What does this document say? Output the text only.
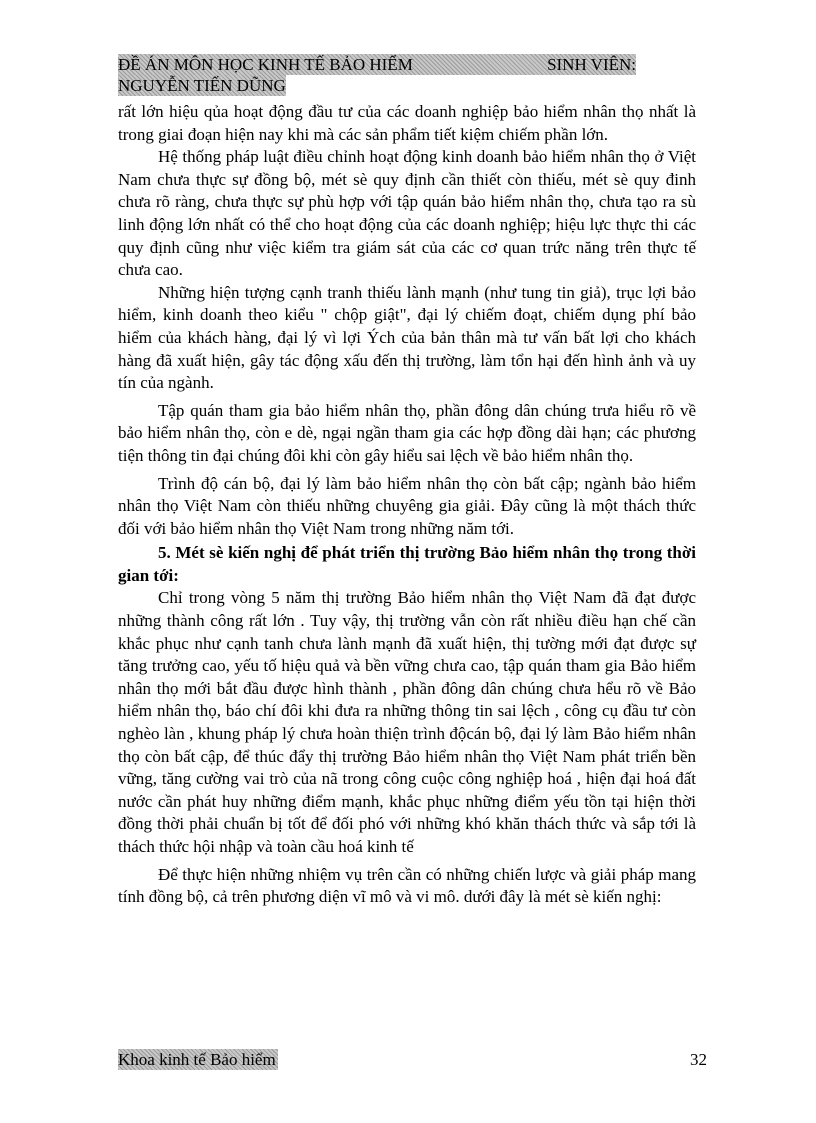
ĐỀ ÁN MÔN HỌC KINH TẾ BẢO HIỂM	SINH VIÊN:
NGUYỄN TIẾN DŨNG

rất lớn hiệu qủa hoạt động đầu tư của các doanh nghiệp bảo hiểm nhân thọ nhất là trong giai đoạn hiện nay khi mà các sản phẩm tiết kiệm chiếm phần lớn.

Hệ thống pháp luật điều chỉnh hoạt động kinh doanh bảo hiểm nhân thọ ở Việt Nam chưa thực sự đồng bộ, mét sè quy định cần thiết còn thiếu, mét sè quy đinh chưa rõ ràng, chưa thực sự phù hợp với tập quán bảo hiểm nhân thọ, chưa tạo ra sù linh động lớn nhất có thể cho hoạt động của các doanh nghiệp; hiệu lực thực thi các quy định cũng như việc kiểm tra giám sát của các cơ quan trức năng trên thực tế chưa cao.

Những hiện tượng cạnh tranh thiếu lành mạnh (như tung tin giả), trục lợi bảo hiểm, kinh doanh theo kiểu " chộp giật", đại lý chiếm đoạt, chiếm dụng phí bảo hiểm của khách hàng, đại lý vì lợi Ých của bản thân mà tư vấn bất lợi cho khách hàng đã xuất hiện, gây tác động xấu đến thị trường, làm tổn hại đến hình ảnh và uy tín của ngành.

Tập quán tham gia bảo hiểm nhân thọ, phần đông dân chúng trưa hiểu rõ về bảo hiểm nhân thọ, còn e dè, ngại ngần tham gia các hợp đồng dài hạn; các phương tiện thông tin đại chúng đôi khi còn gây hiểu sai lệch về bảo hiểm nhân thọ.

Trình độ cán bộ, đại lý làm bảo hiểm nhân thọ còn bất cập; ngành bảo hiểm nhân thọ Việt Nam còn thiếu những chuyêng gia giải. Đây cũng là một thách thức đối với bảo hiểm nhân thọ Việt Nam trong những năm tới.

5. Mét sè kiến nghị để phát triển thị trường Bảo hiểm nhân thọ trong thời gian tới:

Chỉ trong vòng 5 năm thị trường Bảo hiểm nhân thọ Việt Nam đã đạt được những thành công rất lớn . Tuy vậy, thị trường vẫn còn rất nhiều điều hạn chế cần khắc phục như cạnh tanh chưa lành mạnh đã xuất hiện, thị tường mới đạt được sự tăng trưởng cao, yếu tố hiệu quả và bền vững chưa cao, tập quán tham gia Bảo hiểm nhân thọ mới bắt đầu được hình thành , phần đông dân chúng chưa hểu rõ về Bảo hiểm nhân thọ, báo chí đôi khi đưa ra những thông tin sai lệch , công cụ đầu tư còn nghèo làn , khung pháp lý chưa hoàn thiện trình độcán bộ, đại lý làm Bảo hiểm nhân thọ còn bất cập, để thúc đẩy thị trường Bảo hiểm nhân thọ Việt Nam phát triển bền vững, tăng cường vai trò của nã trong công cuộc công nghiệp hoá , hiện đại hoá đất nước cần phát huy những điểm mạnh, khắc phục những điểm yếu tồn tại hiện thời đồng thời phải chuẩn bị tốt để đối phó với những khó khăn thách thức và sắp tới là thách thức hội nhập và toàn cầu hoá kinh tế

Để thực hiện những nhiệm vụ trên cần có những chiến lược và giải pháp mang tính đồng bộ, cả trên phương diện vĩ mô và vi mô. dưới đây là mét sè kiến nghị:

Khoa kinh tế Bảo hiểm	32
